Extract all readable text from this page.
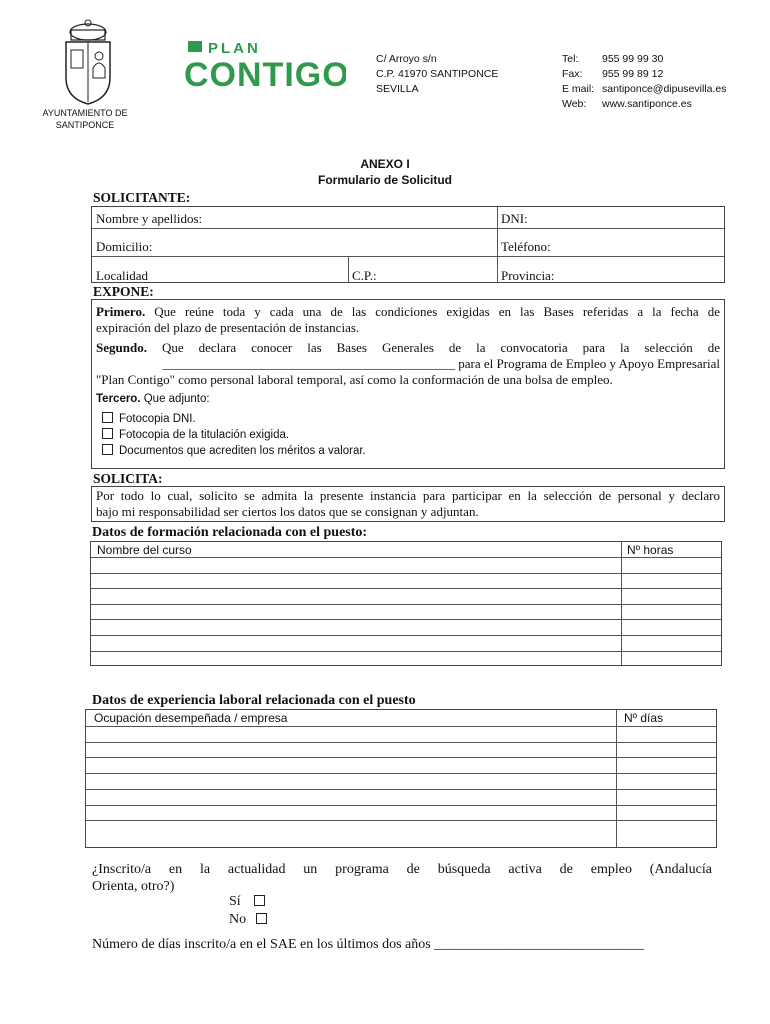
AYUNTAMIENTO DE
SANTIPONCE
PLAN
CONTIGO	C/ Arroyo s/n
C.P. 41970 SANTIPONCE
SEVILLA
Tel:	955 99 99 30
Fax:	955 99 89 12
E mail: santiponce@dipusevilla.es
Web:	www.santiponce.es
ANEXO I
Formulario de Solicitud
SOLICITANTE:
Nombre y apellidos:	DNI:
Domicilio:	Teléfono:
Localidad	C.P.:	Provincia:
EXPONE:
Primero. Que reúne toda y cada una de las condiciones exigidas en las Bases referidas a la fecha de
expiración del plazo de presentación de instancias.
Segundo. Que declara conocer las Bases Generales de la convocatoria para la selección de
_____________________________________________ para el Programa de Empleo y Apoyo Empresarial
"Plan Contigo" como personal laboral temporal, así como la conformación de una bolsa de empleo.
Tercero. Que adjunto:
Fotocopia DNI.
Fotocopia de la titulación exigida.
Documentos que acrediten los méritos a valorar.
SOLICITA:
Por todo lo cual, solicito se admita la presente instancia para participar en la selección de personal y declaro
bajo mi responsabilidad ser ciertos los datos que se consignan y adjuntan.
Datos de formación relacionada con el puesto:
Nombre del curso	Nº horas
Datos de experiencia laboral relacionada con el puesto
Ocupación desempeñada / empresa	Nº días
¿Inscrito/a en la actualidad un programa de búsqueda activa de empleo (Andalucía
Orienta, otro?)
Sí
No
Número de días inscrito/a en el SAE en los últimos dos años ______________________________
